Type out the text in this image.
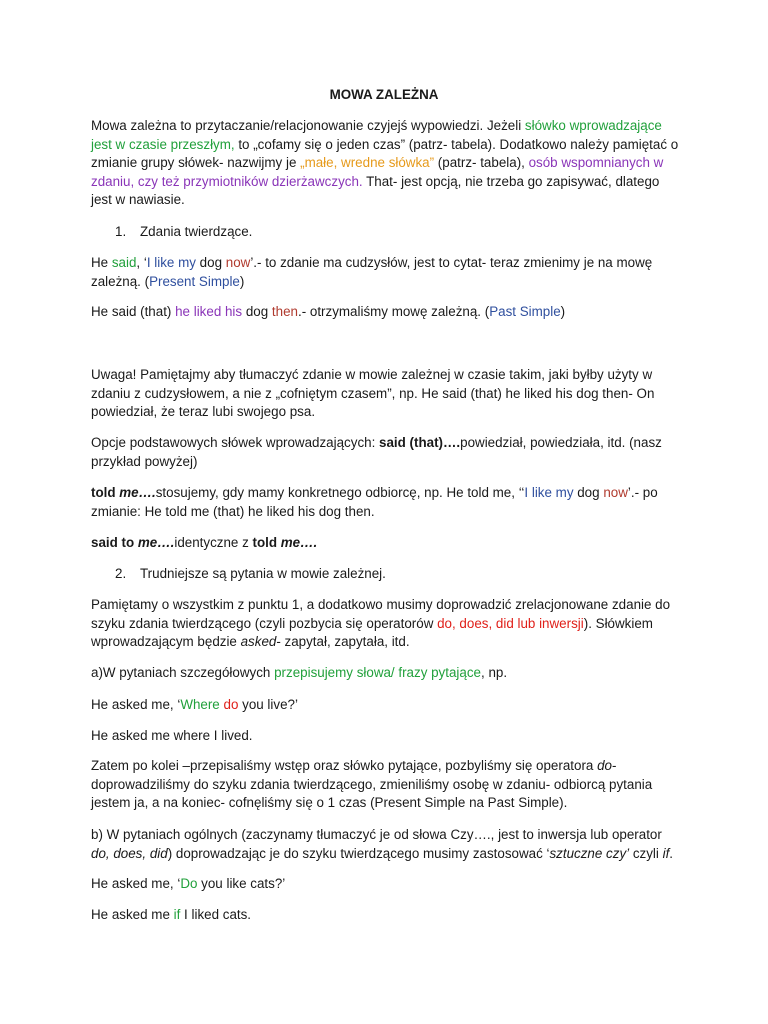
MOWA ZALEŻNA

Mowa zależna to przytaczanie/relacjonowanie czyjejś wypowiedzi. Jeżeli słówko wprowadzające jest w czasie przeszłym, to „cofamy się o jeden czas” (patrz- tabela). Dodatkowo należy pamiętać o zmianie grupy słówek- nazwijmy je „małe, wredne słówka” (patrz- tabela), osób wspomnianych w zdaniu, czy też przymiotników dzierżawczych. That- jest opcją, nie trzeba go zapisywać, dlatego jest w nawiasie.

1. Zdania twierdzące.

He said, ‘I like my dog now’.- to zdanie ma cudzysłów, jest to cytat- teraz zmienimy je na mowę zależną. (Present Simple)

He said (that) he liked his dog then.- otrzymaliśmy mowę zależną. (Past Simple)

Uwaga! Pamiętajmy aby tłumaczyć zdanie w mowie zależnej w czasie takim, jaki byłby użyty w zdaniu z cudzysłowem, a nie z „cofniętym czasem”, np. He said (that) he liked his dog then- On powiedział, że teraz lubi swojego psa.

Opcje podstawowych słówek wprowadzających: said (that)….powiedział, powiedziała, itd. (nasz przykład powyżej)

told me….stosujemy, gdy mamy konkretnego odbiorcę, np. He told me, ‘‘I like my dog now’.- po zmianie: He told me (that) he liked his dog then.

said to me….identyczne z told me….

2. Trudniejsze są pytania w mowie zależnej.

Pamiętamy o wszystkim z punktu 1, a dodatkowo musimy doprowadzić zrelacjonowane zdanie do szyku zdania twierdzącego (czyli pozbycia się operatorów do, does, did lub inwersji). Słówkiem wprowadzającym będzie asked- zapytał, zapytała, itd.

a)W pytaniach szczegółowych przepisujemy słowa/ frazy pytające, np.

He asked me, ‘Where do you live?’

He asked me where I lived.

Zatem po kolei –przepisaliśmy wstęp oraz słówko pytające, pozbyliśmy się operatora do- doprowadziliśmy do szyku zdania twierdzącego, zmieniliśmy osobę w zdaniu- odbiorcą pytania jestem ja, a na koniec- cofnęliśmy się o 1 czas (Present Simple na Past Simple).

b) W pytaniach ogólnych (zaczynamy tłumaczyć je od słowa Czy…., jest to inwersja lub operator do, does, did) doprowadzając je do szyku twierdzącego musimy zastosować ‘sztuczne czy’ czyli if.

He asked me, ‘Do you like cats?’

He asked me if I liked cats.
